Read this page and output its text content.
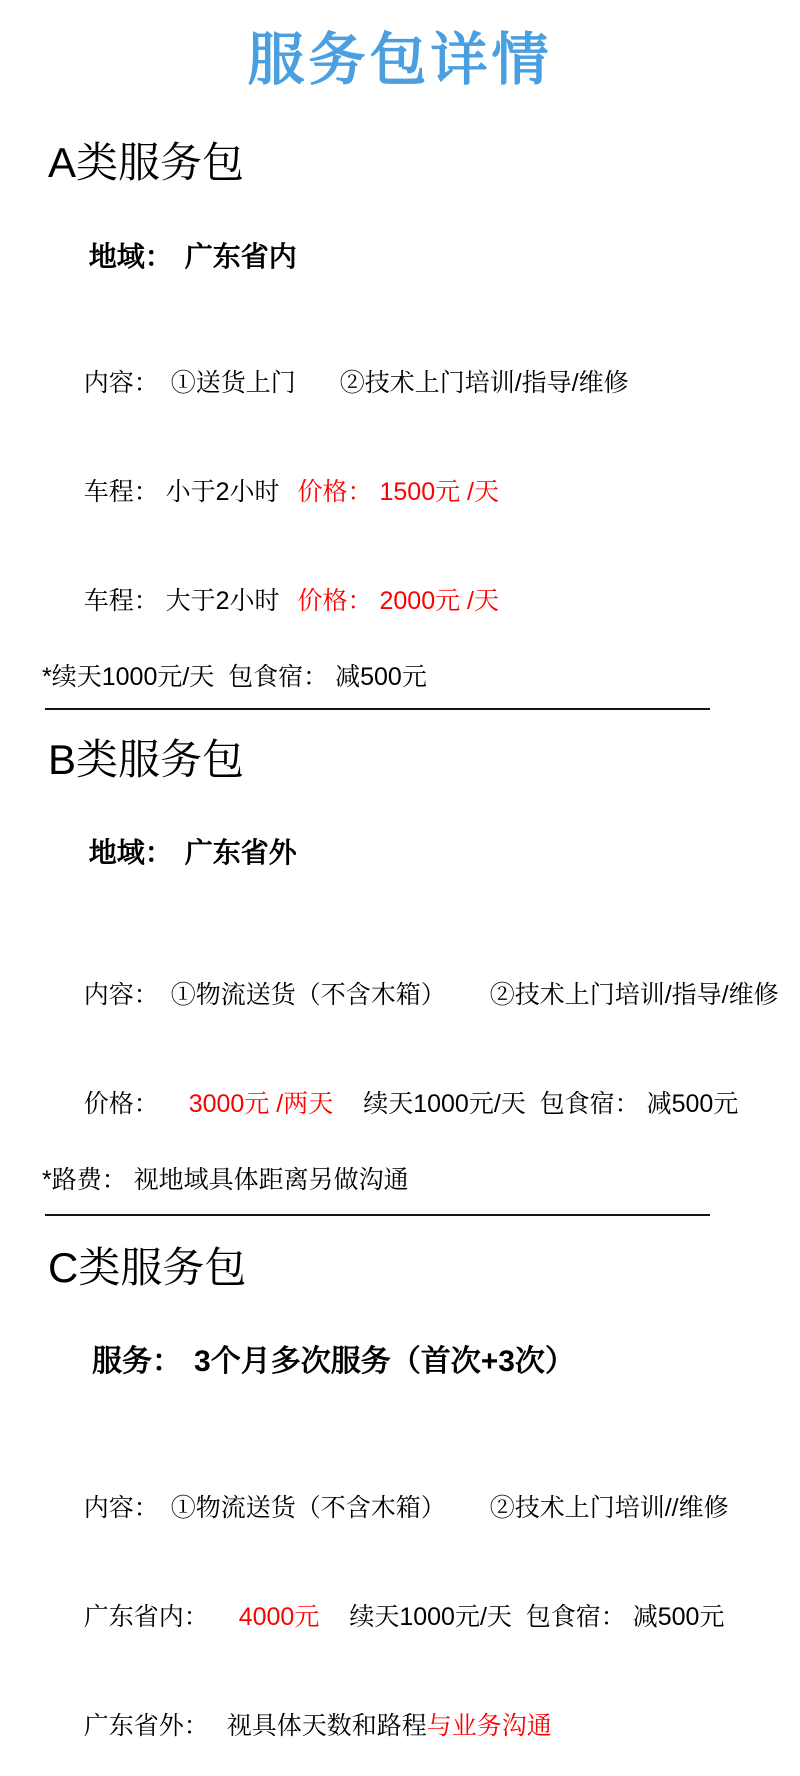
服务包详情
A类服务包

地域： 广东省内

内容： ①送货上门 ②技术上门培训/指导/维修

车程： 小于2小时 价格： 1500元 /天

车程： 大于2小时 价格： 2000元 /天

*续天1000元/天  包食宿： 减500元

B类服务包

地域： 广东省外

内容： ①物流送货（不含木箱） ②技术上门培训/指导/维修

价格： 3000元 /两天 续天1000元/天  包食宿： 减500元

*路费： 视地域具体距离另做沟通

C类服务包

服务： 3个月多次服务（首次+3次）

内容： ①物流送货（不含木箱） ②技术上门培训//维修

广东省内： 4000元 续天1000元/天  包食宿： 减500元

广东省外： 视具体天数和路程与业务沟通
